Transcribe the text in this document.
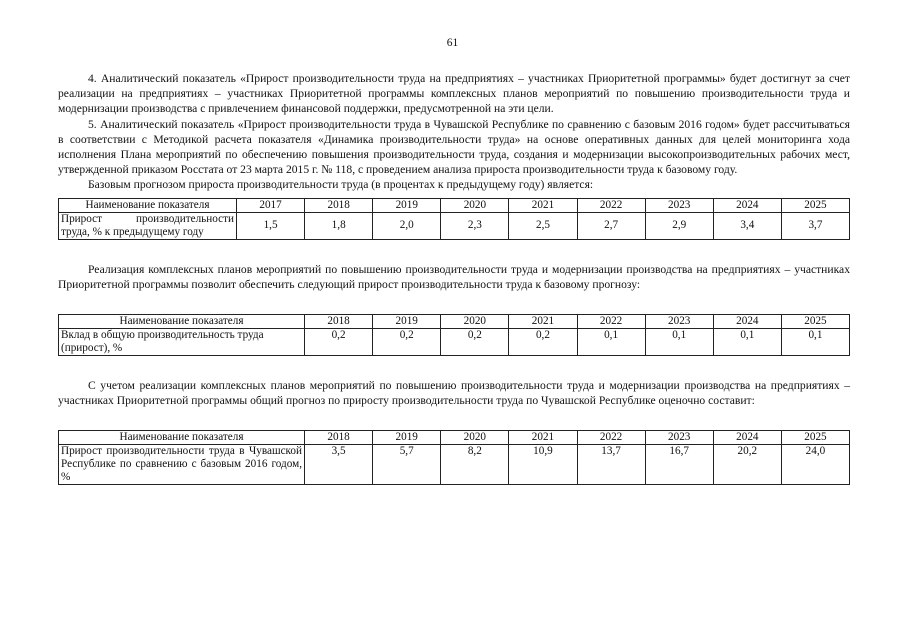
61

4. Аналитический показатель «Прирост производительности труда на предприятиях – участниках Приоритетной программы» будет достигнут за счет реализации на предприятиях – участниках Приоритетной программы комплексных планов мероприятий по повышению производительности труда и модернизации производства с привлечением финансовой поддержки, предусмотренной на эти цели.

5. Аналитический показатель «Прирост производительности труда в Чувашской Республике по сравнению с базовым 2016 годом» будет рассчитываться в соответствии с Методикой расчета показателя «Динамика производительности труда» на основе оперативных данных для целей мониторинга хода исполнения Плана мероприятий по обеспечению повышения производительности труда, создания и модернизации высокопроизводительных рабочих мест, утвержденной приказом Росстата от 23 марта 2015 г. № 118, с проведением анализа прироста производительности труда к базовому году.

Базовым прогнозом прироста производительности труда (в процентах к предыдущему году) является:

Наименование показателя	2017	2018	2019	2020	2021	2022	2023	2024	2025
Прирост производительности труда, % к предыдущему году	1,5	1,8	2,0	2,3	2,5	2,7	2,9	3,4	3,7

Реализация комплексных планов мероприятий по повышению производительности труда и модернизации производства на предприятиях – участниках Приоритетной программы позволит обеспечить следующий прирост производительности труда к базовому прогнозу:

Наименование показателя	2018	2019	2020	2021	2022	2023	2024	2025
Вклад в общую производительность труда (прирост), %	0,2	0,2	0,2	0,2	0,1	0,1	0,1	0,1

С учетом реализации комплексных планов мероприятий по повышению производительности труда и модернизации производства на предприятиях – участниках Приоритетной программы общий прогноз по приросту производительности труда по Чувашской Республике оценочно составит:

Наименование показателя	2018	2019	2020	2021	2022	2023	2024	2025
Прирост производительности труда в Чувашской Республике по сравнению с базовым 2016 годом, %	3,5	5,7	8,2	10,9	13,7	16,7	20,2	24,0
